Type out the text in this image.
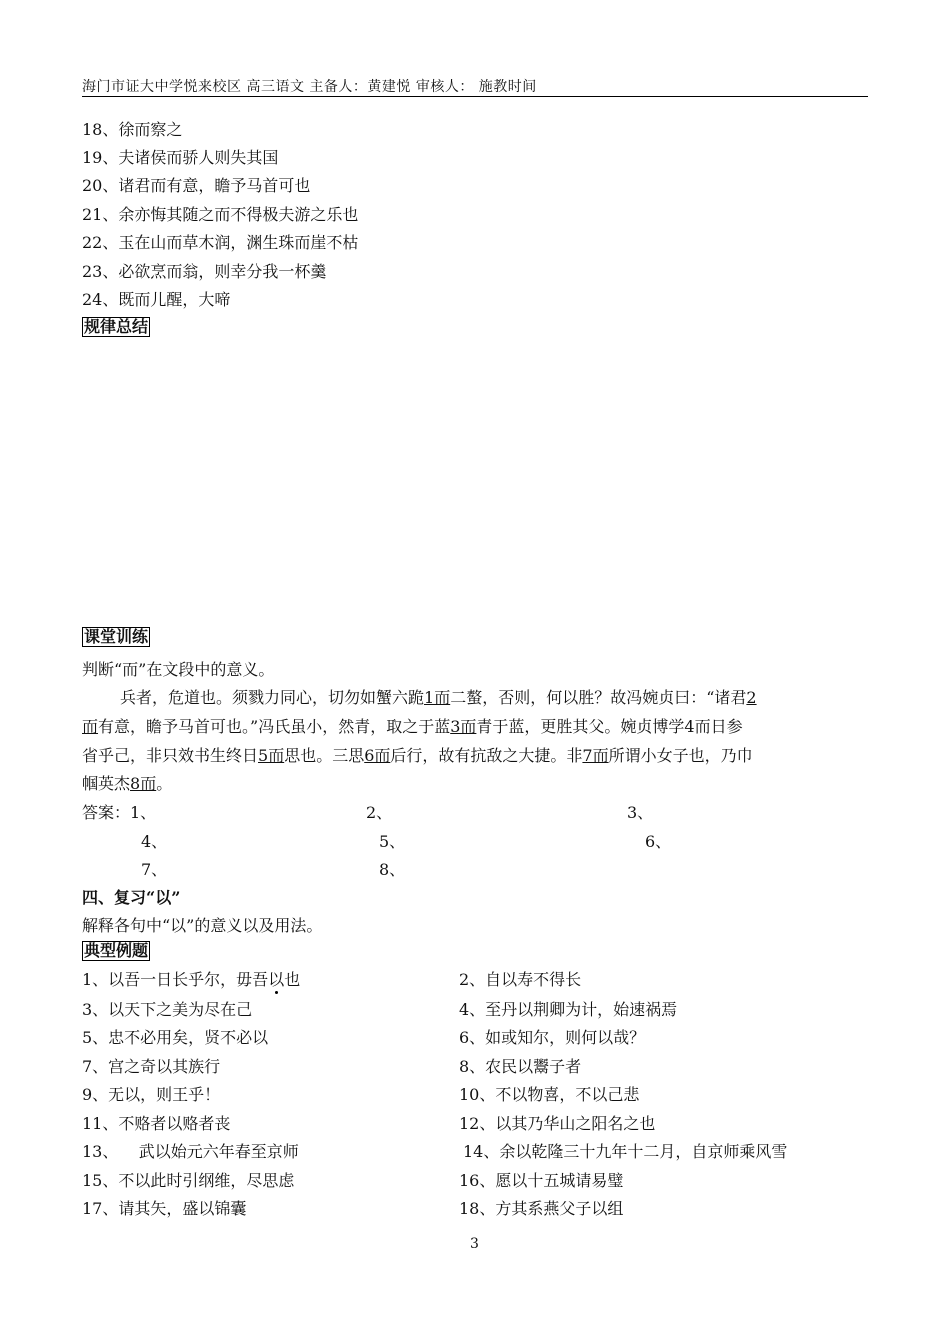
海门市证大中学悦来校区 高三语文 主备人：黄建悦 审核人： 施教时间
18、徐而察之
19、夫诸侯而骄人则失其国
20、诸君而有意，瞻予马首可也
21、余亦悔其随之而不得极夫游之乐也
22、玉在山而草木润，渊生珠而崖不枯
23、必欲烹而翁，则幸分我一杯羹
24、既而儿醒，大啼
规律总结
课堂训练
判断“而”在文段中的意义。
兵者，危道也。须戮力同心，切勿如蟹六跪1而二螯，否则，何以胜？故冯婉贞曰：“诸君2
而有意，瞻予马首可也。”冯氏虽小，然青，取之于蓝3而青于蓝，更胜其父。婉贞博学4而日参
省乎己，非只效书生终日5而思也。三思6而后行，故有抗敌之大捷。非7而所谓小女子也，乃巾
帼英杰8而。
答案：1、	2、	3、
4、	5、	6、
7、	8、
四、复习“以”
解释各句中“以”的意义以及用法。
典型例题
1、以吾一日长乎尔，毋吾以也	2、自以寿不得长
3、以天下之美为尽在己	4、至丹以荆卿为计，始速祸焉
5、忠不必用矣，贤不必以	6、如或知尔，则何以哉？
7、宫之奇以其族行	8、农民以鬻子者
9、无以，则王乎！	10、不以物喜，不以己悲
11、不赂者以赂者丧	12、以其乃华山之阳名之也
13、    武以始元六年春至京师	14、余以乾隆三十九年十二月，自京师乘风雪
15、不以此时引纲维，尽思虑	16、愿以十五城请易璧
17、请其矢，盛以锦囊	18、方其系燕父子以组
3
